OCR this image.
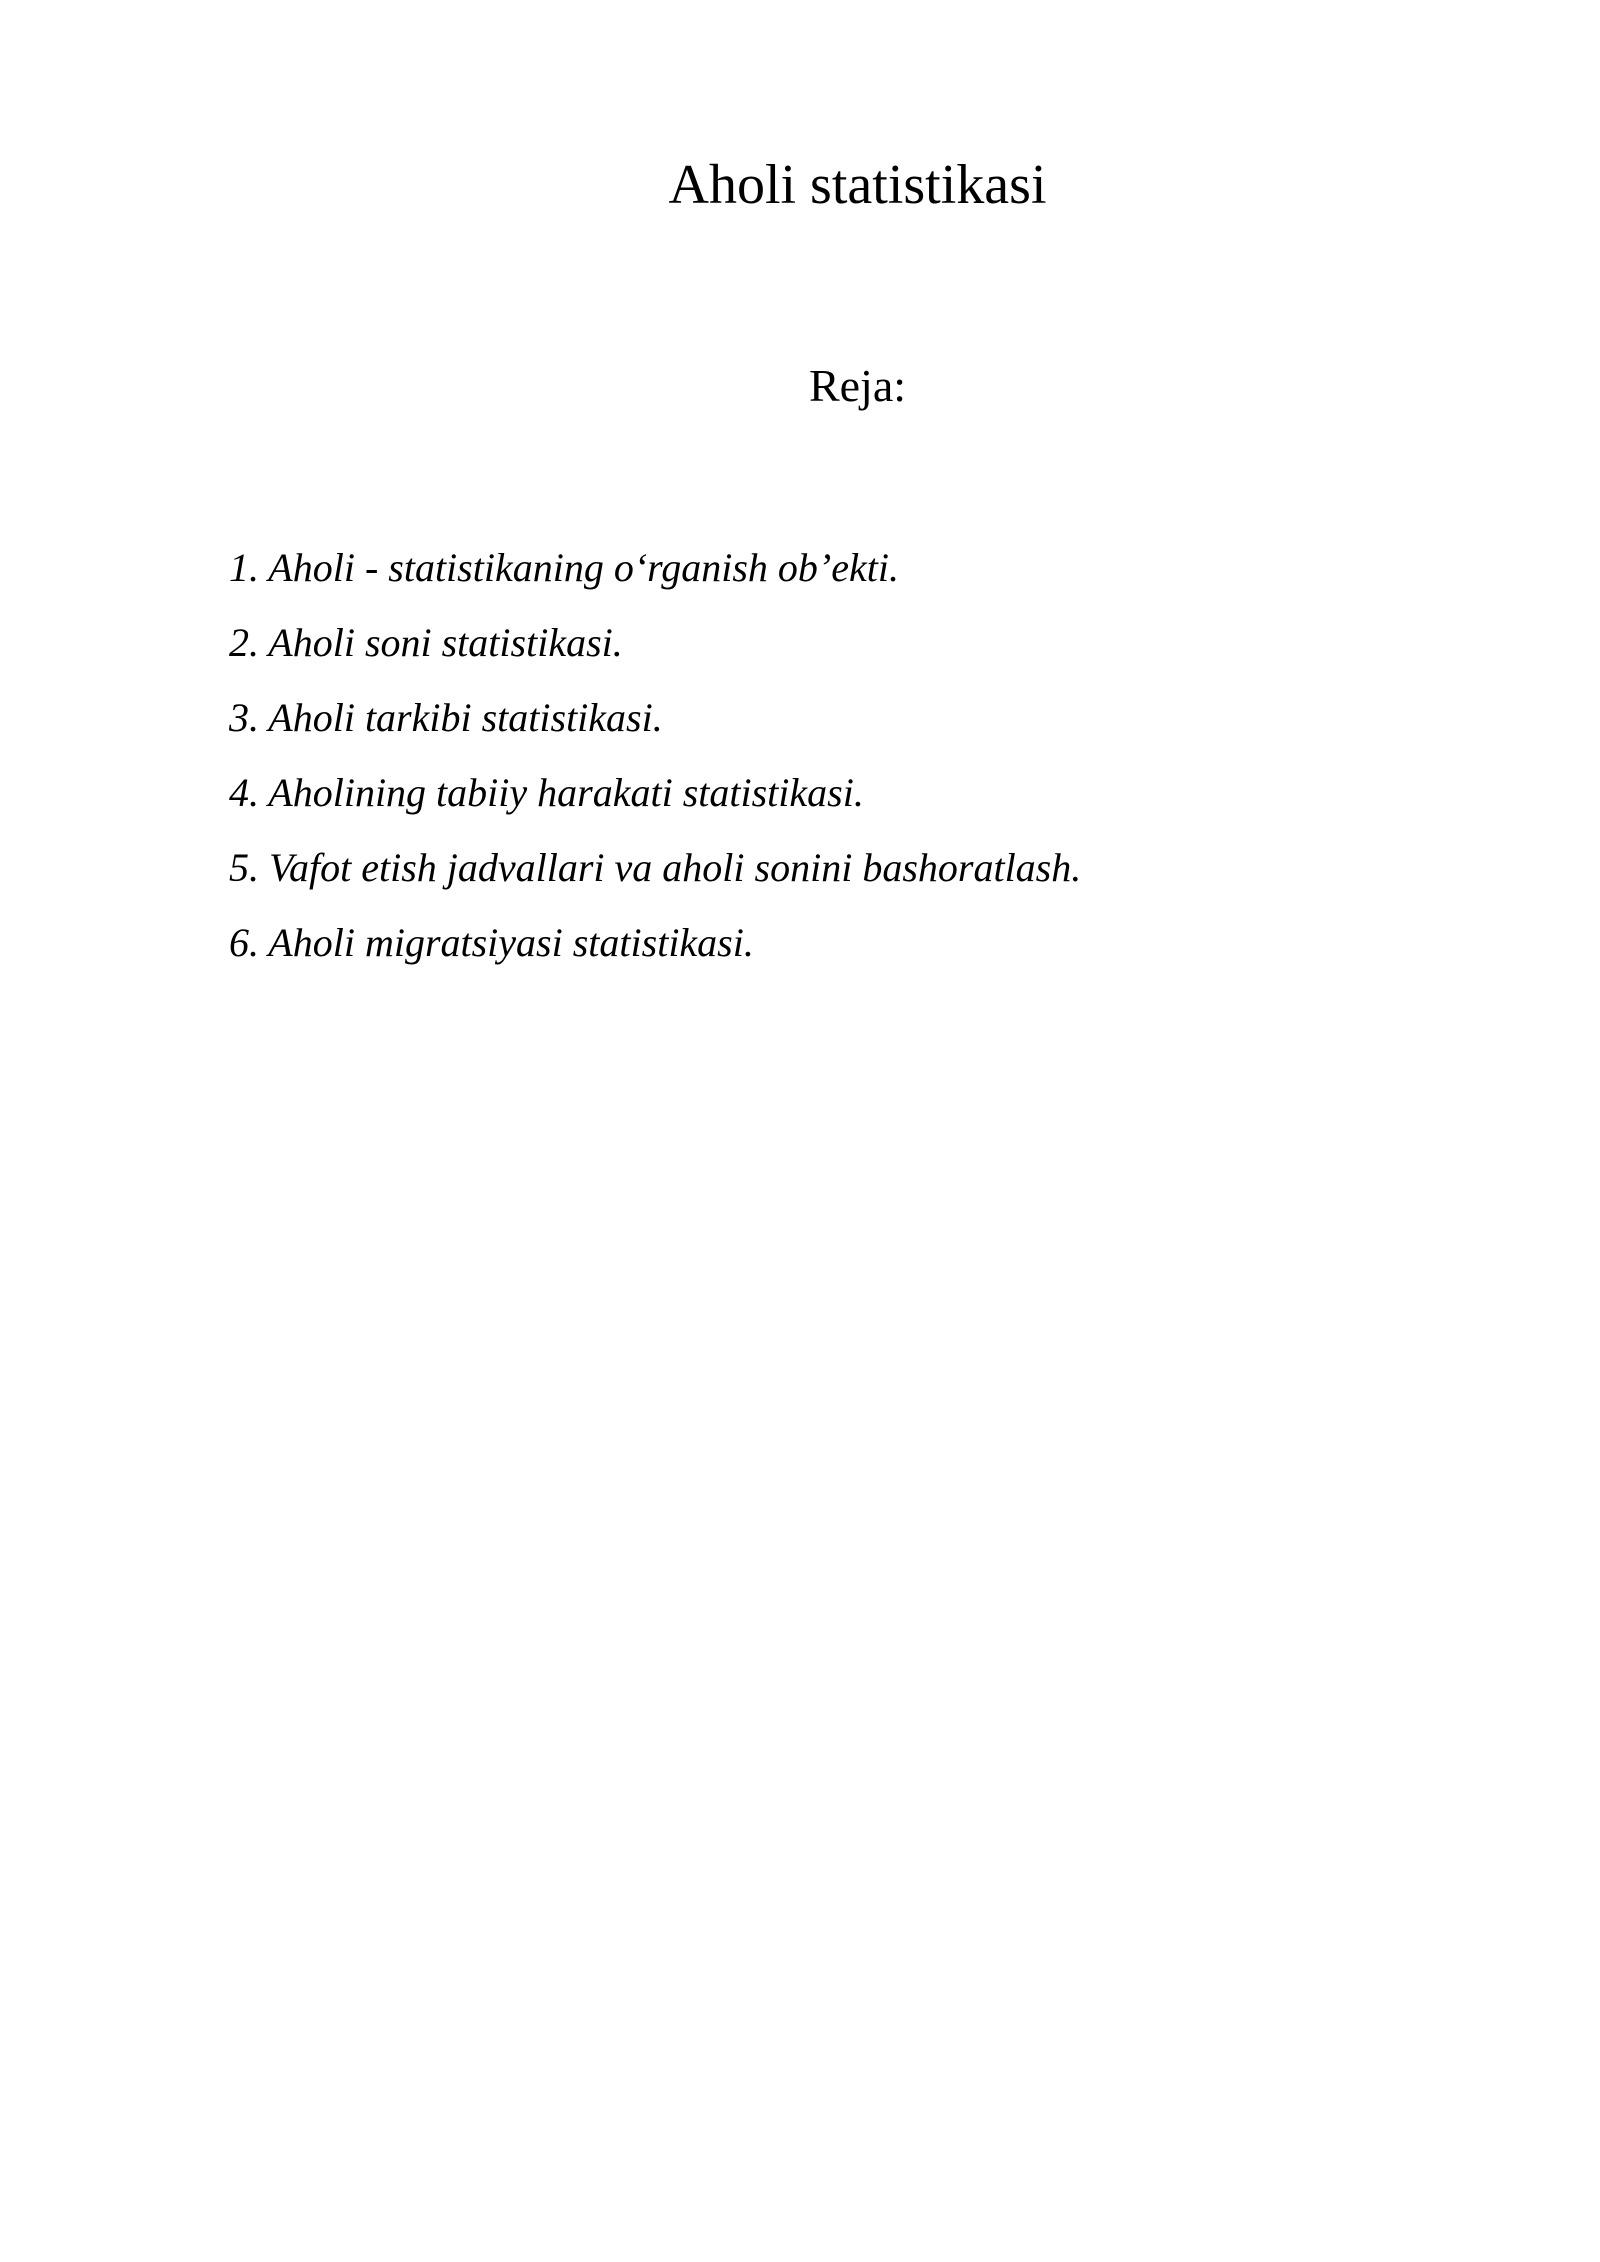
Aholi statistikasi
Reja:
1. Aholi - statistikaning o‘rganish ob’ekti.
2. Aholi soni statistikasi.
3. Aholi tarkibi statistikasi.
4. Aholining tabiiy harakati statistikasi.
5. Vafot etish jadvallari va aholi sonini bashoratlash.
6. Aholi migratsiyasi statistikasi.
